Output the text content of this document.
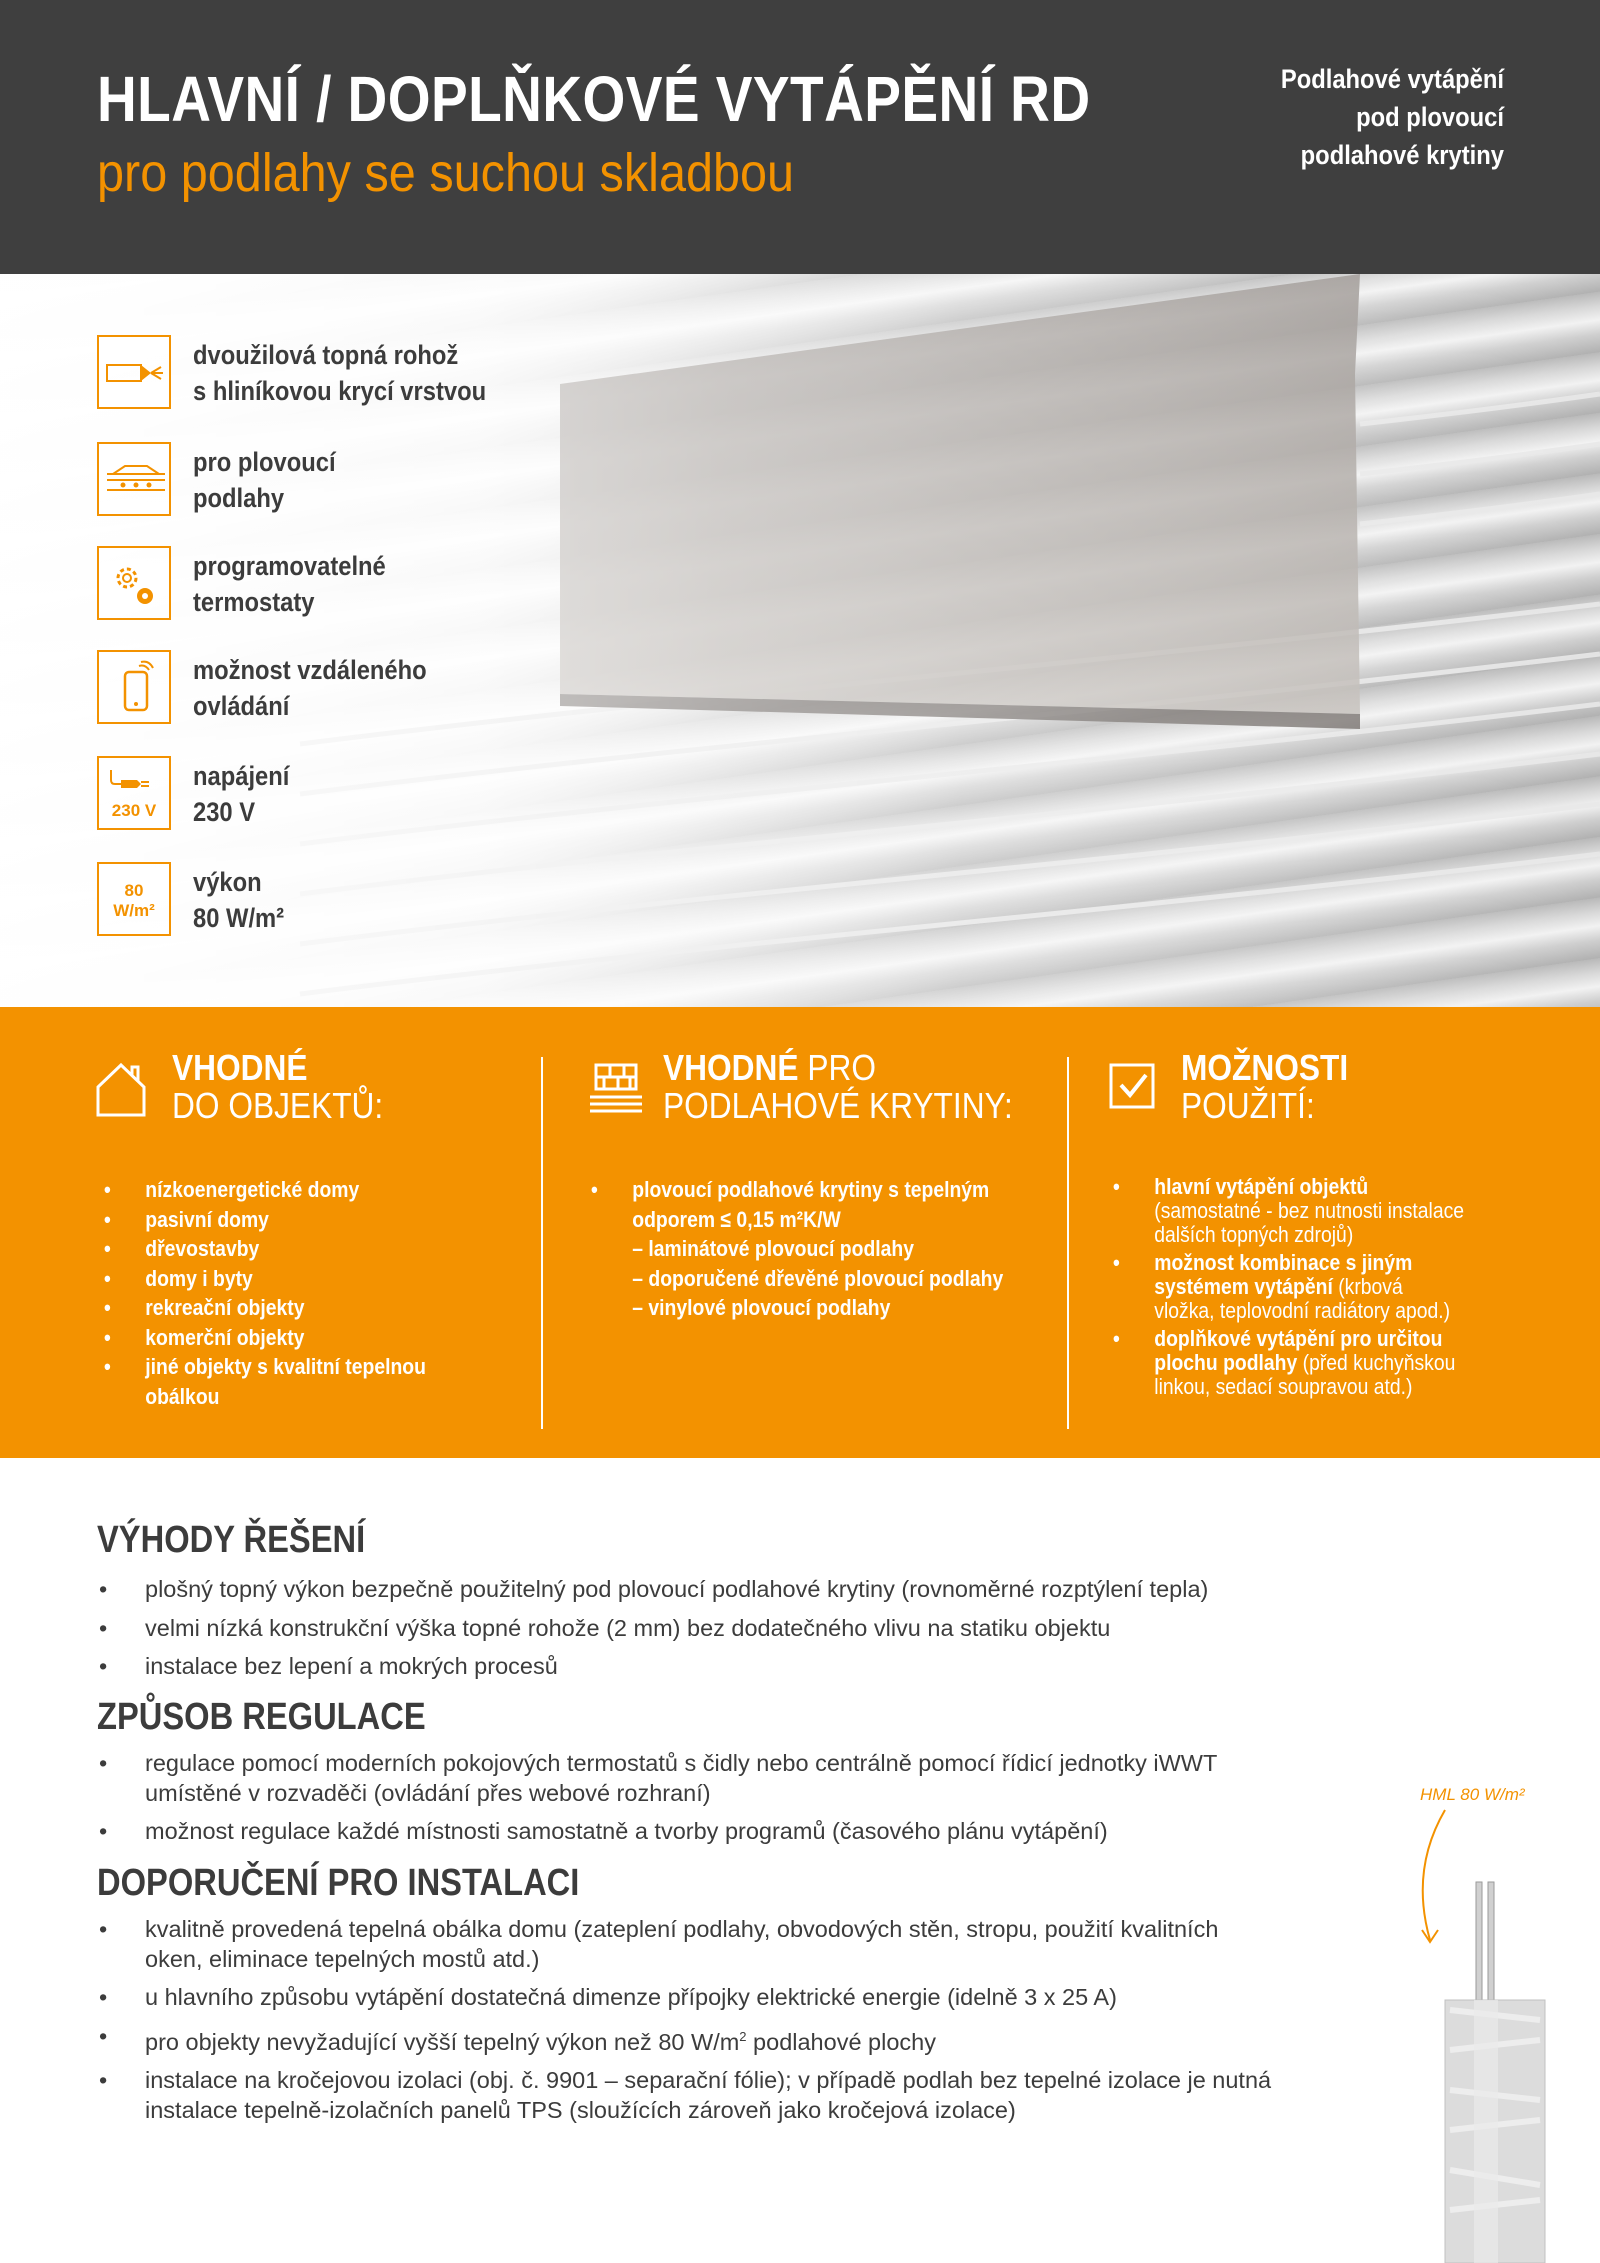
HLAVNÍ / DOPLŇKOVÉ VYTÁPĚNÍ RD
pro podlahy se suchou skladbou
Podlahové vytápění
pod plovoucí
podlahové krytiny
dvoužilová topná rohož
s hliníkovou krycí vrstvou
pro plovoucí
podlahy
programovatelné
termostaty
možnost vzdáleného
ovládání
230 V
napájení
230 V
80
W/m²
výkon
80 W/m²
VHODNÉ
DO OBJEKTŮ:
• nízkoenergetické domy
• pasivní domy
• dřevostavby
• domy i byty
• rekreační objekty
• komerční objekty
• jiné objekty s kvalitní tepelnou
obálkou
VHODNÉ PRO
PODLAHOVÉ KRYTINY:
• plovoucí podlahové krytiny s tepelným
odporem ≤ 0,15 m²K/W
– laminátové plovoucí podlahy
– doporučené dřevěné plovoucí podlahy
– vinylové plovoucí podlahy
MOŽNOSTI
POUŽITÍ:
• hlavní vytápění objektů
(samostatné - bez nutnosti instalace
dalších topných zdrojů)
• možnost kombinace s jiným
systémem vytápění (krbová
vložka, teplovodní radiátory apod.)
• doplňkové vytápění pro určitou
plochu podlahy (před kuchyňskou
linkou, sedací soupravou atd.)
VÝHODY ŘEŠENÍ
• plošný topný výkon bezpečně použitelný pod plovoucí podlahové krytiny (rovnoměrné rozptýlení tepla)
• velmi nízká konstrukční výška topné rohože (2 mm) bez dodatečného vlivu na statiku objektu
• instalace bez lepení a mokrých procesů
ZPŮSOB REGULACE
• regulace pomocí moderních pokojových termostatů s čidly nebo centrálně pomocí řídicí jednotky iWWT
umístěné v rozvaděči (ovládání přes webové rozhraní)
• možnost regulace každé místnosti samostatně a tvorby programů (časového plánu vytápění)
DOPORUČENÍ PRO INSTALACI
• kvalitně provedená tepelná obálka domu (zateplení podlahy, obvodových stěn, stropu, použití kvalitních
oken, eliminace tepelných mostů atd.)
• u hlavního způsobu vytápění dostatečná dimenze přípojky elektrické energie (idelně 3 x 25 A)
• pro objekty nevyžadující vyšší tepelný výkon než 80 $W/m^2$ podlahové plochy
• instalace na kročejovou izolaci (obj. č. 9901 – separační fólie); v případě podlah bez tepelné izolace je nutná
instalace tepelně-izolačních panelů TPS (sloužících zároveň jako kročejová izolace)
HML 80 W/m²
